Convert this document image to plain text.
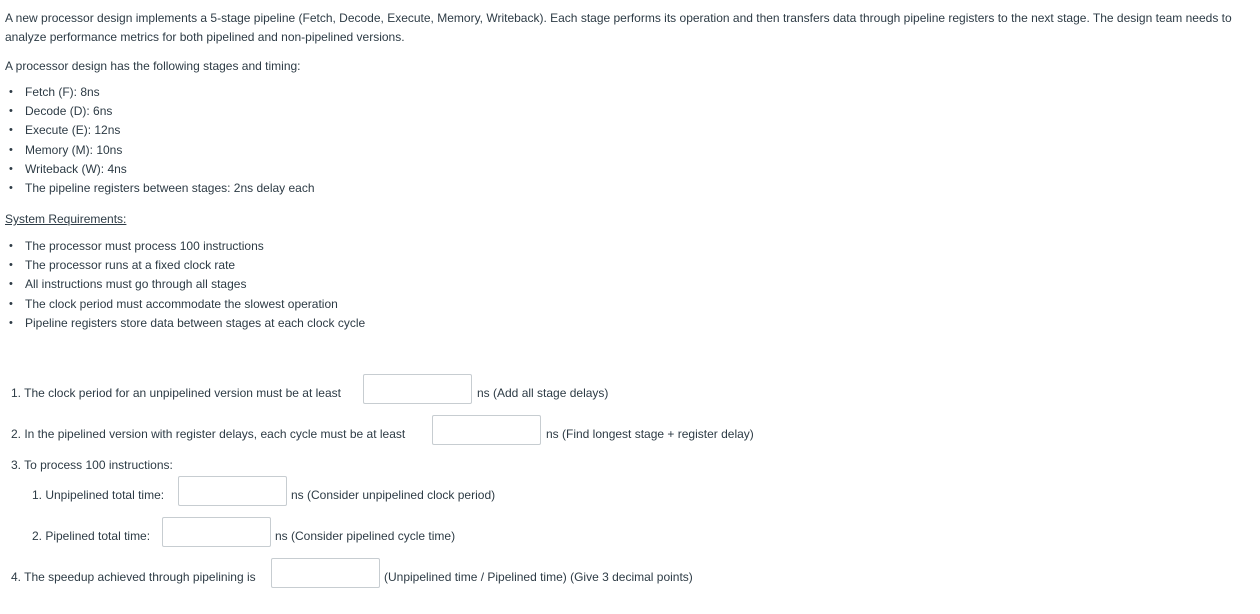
A new processor design implements a 5-stage pipeline (Fetch, Decode, Execute, Memory, Writeback). Each stage performs its operation and then transfers data through pipeline registers to the next stage. The design team needs to analyze performance metrics for both pipelined and non-pipelined versions.

A processor design has the following stages and timing:
• Fetch (F): 8ns
• Decode (D): 6ns
• Execute (E): 12ns
• Memory (M): 10ns
• Writeback (W): 4ns
• The pipeline registers between stages: 2ns delay each
System Requirements:
• The processor must process 100 instructions
• The processor runs at a fixed clock rate
• All instructions must go through all stages
• The clock period must accommodate the slowest operation
• Pipeline registers store data between stages at each clock cycle
1. The clock period for an unpipelined version must be at least	ns (Add all stage delays)
2. In the pipelined version with register delays, each cycle must be at least	ns (Find longest stage + register delay)
3. To process 100 instructions:
1. Unpipelined total time:	ns (Consider unpipelined clock period)
2. Pipelined total time:	ns (Consider pipelined cycle time)
4. The speedup achieved through pipelining is	(Unpipelined time / Pipelined time) (Give 3 decimal points)
